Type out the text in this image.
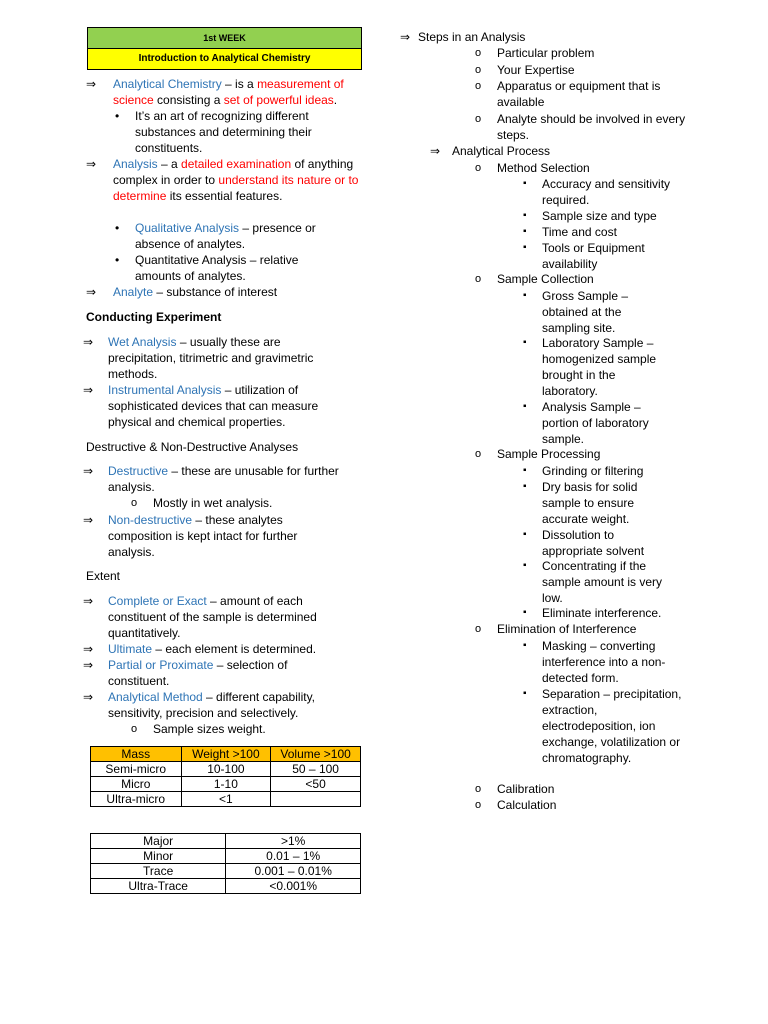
1st WEEK
Introduction to Analytical Chemistry
⇒	Analytical Chemistry – is a measurement of science consisting a set of powerful ideas.
• It’s an art of recognizing different substances and determining their constituents.
⇒	Analysis – a detailed examination of anything complex in order to understand its nature or to determine its essential features.
• Qualitative Analysis – presence or absence of analytes.
• Quantitative Analysis – relative amounts of analytes.
⇒	Analyte – substance of interest
Conducting Experiment
⇒	Wet Analysis – usually these are precipitation, titrimetric and gravimetric methods.
⇒	Instrumental Analysis – utilization of sophisticated devices that can measure physical and chemical properties.
Destructive & Non-Destructive Analyses
⇒	Destructive – these are unusable for further analysis.
o Mostly in wet analysis.
⇒	Non-destructive – these analytes composition is kept intact for further analysis.
Extent
⇒	Complete or Exact – amount of each constituent of the sample is determined quantitatively.
⇒	Ultimate – each element is determined.
⇒	Partial or Proximate – selection of constituent.
⇒	Analytical Method – different capability, sensitivity, precision and selectively.
o Sample sizes weight.
Mass	Weight >100	Volume >100
Semi-micro	10-100	50 – 100
Micro	1-10	<50
Ultra-micro	<1	
Major	>1%
Minor	0.01 – 1%
Trace	0.001 – 0.01%
Ultra-Trace	<0.001%
⇒ Steps in an Analysis
o Particular problem
o Your Expertise
o Apparatus or equipment that is available
o Analyte should be involved in every steps.
⇒ Analytical Process
o Method Selection
▪ Accuracy and sensitivity required.
▪ Sample size and type
▪ Time and cost
▪ Tools or Equipment availability
o Sample Collection
▪ Gross Sample – obtained at the sampling site.
▪ Laboratory Sample – homogenized sample brought in the laboratory.
▪ Analysis Sample – portion of laboratory sample.
o Sample Processing
▪ Grinding or filtering
▪ Dry basis for solid sample to ensure accurate weight.
▪ Dissolution to appropriate solvent
▪ Concentrating if the sample amount is very low.
▪ Eliminate interference.
o Elimination of Interference
▪ Masking – converting interference into a non-detected form.
▪ Separation – precipitation, extraction, electrodeposition, ion exchange, volatilization or chromatography.
o Calibration
o Calculation
